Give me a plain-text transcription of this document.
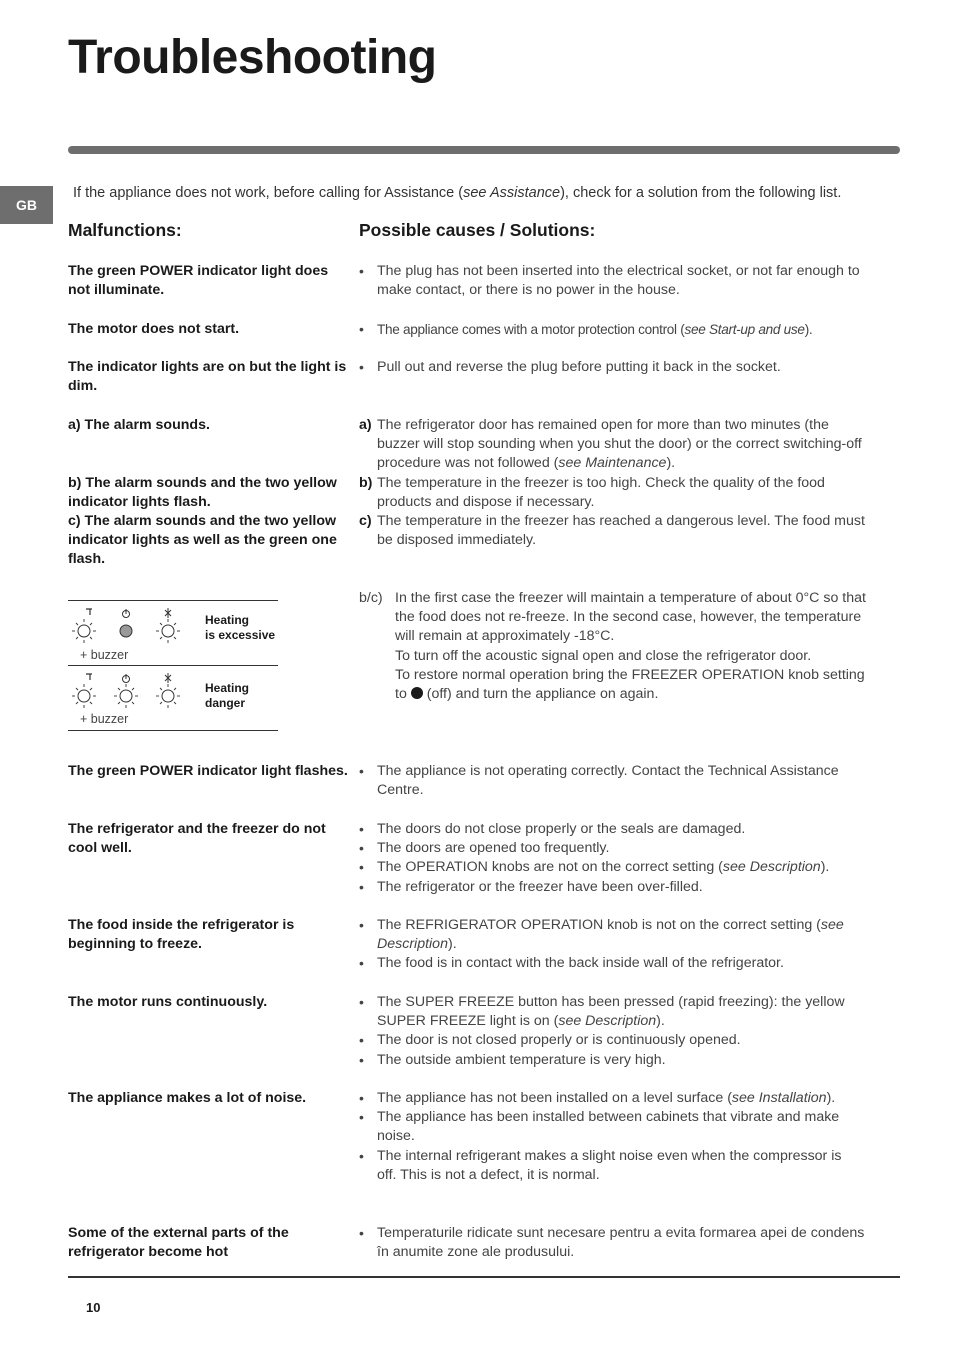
Troubleshooting
GB
If the appliance does not work, before calling for Assistance (see Assistance), check for a solution from the following list.
Malfunctions:	Possible causes / Solutions:
The green POWER indicator light does not illuminate.
• The plug has not been inserted into the electrical socket, or not far enough to make contact, or there is no power in the house.
The motor does not start.	• The appliance comes with a motor protection control (see Start-up and use).
The indicator lights are on but the light is dim.
• Pull out and reverse the plug before putting it back in the socket.
a) The alarm sounds.
b) The alarm sounds and the two yellow indicator lights flash.
c) The alarm sounds and the two yellow indicator lights as well as the green one flash.
a) The refrigerator door has remained open for more than two minutes (the buzzer will stop sounding when you shut the door) or the correct switching-off procedure was not followed (see Maintenance).
b) The temperature in the freezer is too high. Check the quality of the food products and dispose if necessary.
c) The temperature in the freezer has reached a dangerous level. The food must be disposed immediately.
b/c) In the first case the freezer will maintain a temperature of about 0°C so that the food does not re-freeze. In the second case, however, the temperature will remain at approximately -18°C.
To turn off the acoustic signal open and close the refrigerator door.
To restore normal operation bring the FREEZER OPERATION knob setting to (off) and turn the appliance on again.
Heating
is excessive
+ buzzer
Heating
danger
+ buzzer
The green POWER indicator light flashes. • The appliance is not operating correctly. Contact the Technical Assistance Centre.
The refrigerator and the freezer do not cool well.
• The doors do not close properly or the seals are damaged.
• The doors are opened too frequently.
• The OPERATION knobs are not on the correct setting (see Description).
• The refrigerator or the freezer have been over-filled.
The food inside the refrigerator is beginning to freeze.
• The REFRIGERATOR OPERATION knob is not on the correct setting (see Description).
• The food is in contact with the back inside wall of the refrigerator.
The motor runs continuously.	• The SUPER FREEZE button has been pressed (rapid freezing): the yellow SUPER FREEZE light is on (see Description).
• The door is not closed properly or is continuously opened.
• The outside ambient temperature is very high.
The appliance makes a lot of noise.	• The appliance has not been installed on a level surface (see Installation).
• The appliance has been installed between cabinets that vibrate and make noise.
• The internal refrigerant makes a slight noise even when the compressor is off. This is not a defect, it is normal.
Some of the external parts of the refrigerator become hot
• Temperaturile ridicate sunt necesare pentru a evita formarea apei de condens în anumite zone ale produsului.
10
